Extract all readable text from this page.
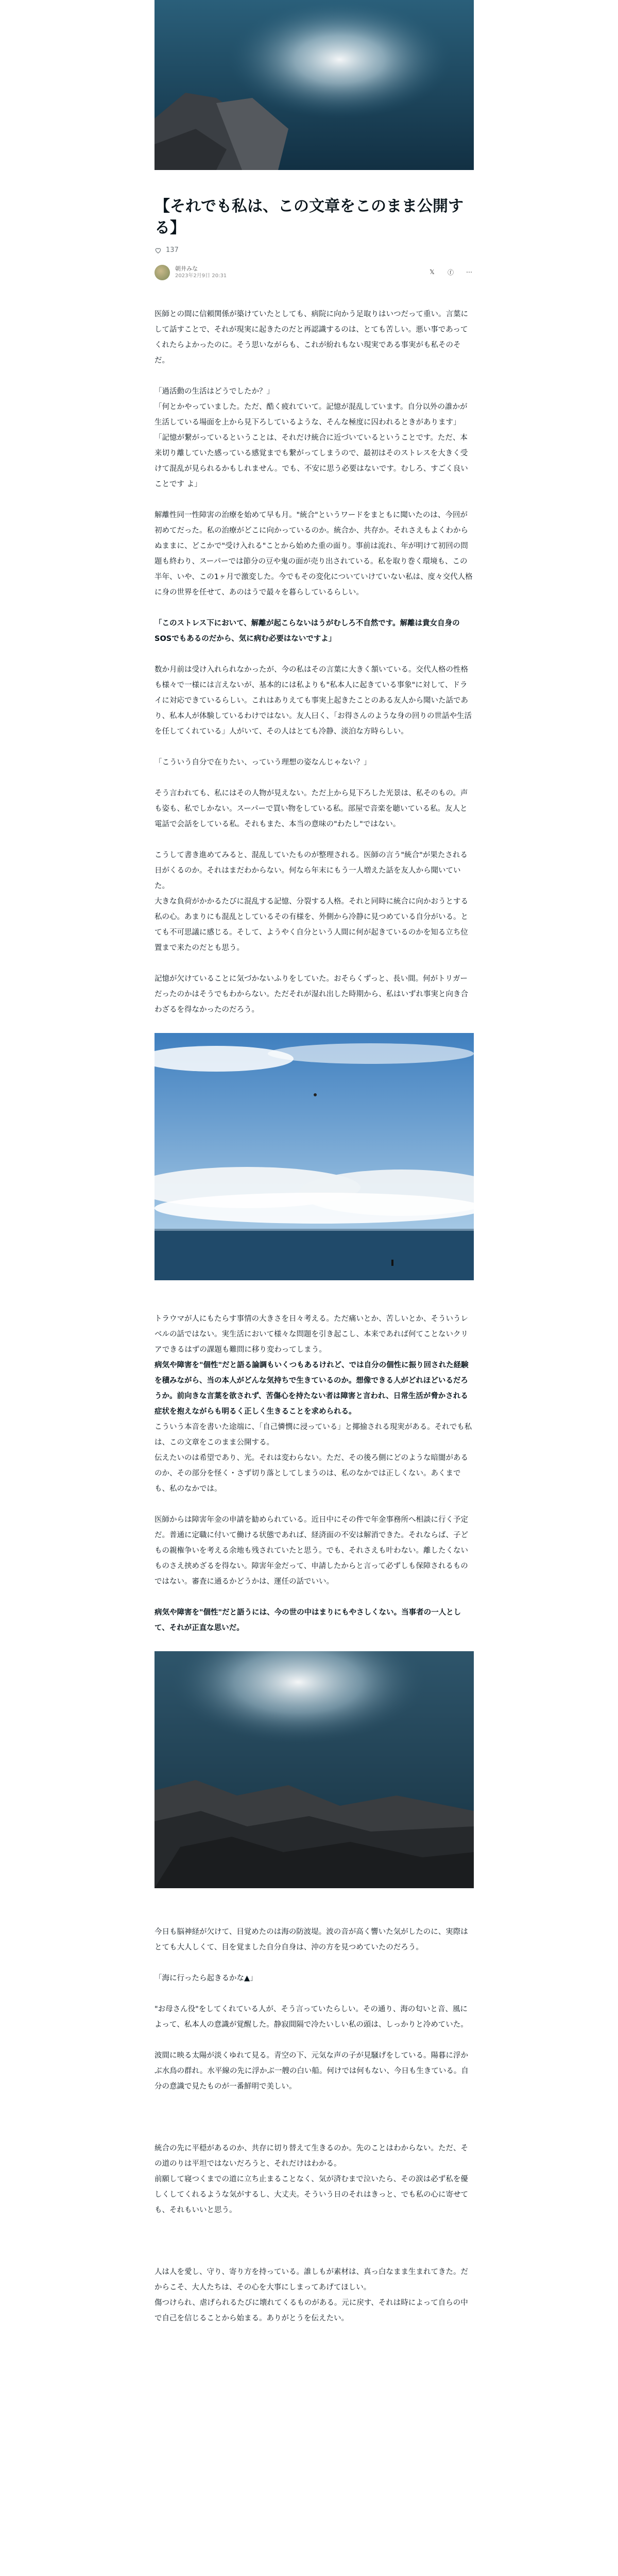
【それでも私は、この文章をこのまま公開する】
137
朝井みな
2023年2月9日 20:31
𝕏	ⓕ ⋯

医師との間に信頼関係が築けていたとしても、病院に向かう足取りはいつだって重い。言葉にして話すことで、それが現実に起きたのだと再認識するのは、とても苦しい。悪い事であってくれたらよかったのに。そう思いながらも、これが紛れもない現実である事実がも私そのそだ。

「過活動の生活はどうでしたか？」

「何とかやっていました。ただ、酷く疲れていて。記憶が混乱しています。自分以外の誰かが生活している場面を上から見下ろしているような、そんな極度に囚われるときがあります」

「記憶が繋がっているということは、それだけ統合に近づいているということです。ただ、本来切り離していた感っている感覚までも繋がってしまうので、最初はそのストレスを大きく受けて混乱が見られるかもしれません。でも、不安に思う必要はないです。むしろ、すごく良いことです よ」

解離性同一性障害の治療を始めて早も月。"統合"というワードをまともに聞いたのは、今回が初めてだった。私の治療がどこに向かっているのか。統合か、共存か。それさえもよくわからぬままに、どこかで"受け入れる"ことから始めた重の面り。事前は流れ、年が明けて初回の問題も終わり、スーパーでは節分の豆や鬼の面が売り出されている。私を取り巻く環境も、この半年、いや、この1ヶ月で激変した。今でもその変化についていけていない私は、度々交代人格に身の世界を任せて、あのはうで最々を暮らしているらしい。

「このストレス下において、解離が起こらないはうがむしろ不自然です。解離は貴女自身のSOSでもあるのだから、気に病む必要はないですよ」

数か月前は受け入れられなかったが、今の私はその言葉に大きく頷いている。交代人格の性格も様々で一様には言えないが、基本的には私よりも"私本人に起きている事象"に対して、ドライに対応できているらしい。これはありえても事実上起きたことのある友人から聞いた話であり、私本人が体験しているわけではない。友人曰く、「お得さんのような身の回りの世話や生活を任してくれている」人がいて、その人はとても冷静、淡泊な方時らしい。

「こういう自分で在りたい、っていう理想の姿なんじゃない？」

そう言われても、私にはその人物が見えない。ただ上から見下ろした光景は、私そのもの。声も姿も、私でしかない。スーパーで買い物をしている私。部屋で音楽を聴いている私。友人と電話で会話をしている私。それもまた、本当の意味の"わたし"ではない。

こうして書き進めてみると、混乱していたものが整理される。医師の言う"統合"が果たされる日がくるのか。それはまだわからない。何なら年末にもう一人増えた話を友人から聞いていた。

大きな負荷がかかるたびに混乱する記憶、分裂する人格。それと同時に統合に向かおうとする私の心。あまりにも混乱としているその有様を、外側から冷静に見つめている自分がいる。とても不可思議に感じる。そして、ようやく自分という人間に何が起きているのかを知る立ち位置まで来たのだとも思う。

記憶が欠けていることに気づかないふりをしていた。おそらくずっと、長い間。何がトリガーだったのかはそうでもわからない。ただそれが湿れ出した時期から、私はいずれ事実と向き合わざるを得なかったのだろう。

トラウマが人にもたらす事情の大きさを日々考える。ただ痛いとか、苦しいとか、そういうレベルの話ではない。実生活において様々な問題を引き起こし、本来であれば何てことないクリアできるはずの課題も難問に移り変わってしまう。

病気や障害を"個性"だと語る論調もいくつもあるけれど、では自分の個性に振り回された経験を積みながら、当の本人がどんな気持ちで生きているのか。想像できる人がどれほどいるだろうか。前向きな言葉を欲されず、苦傷心を持たない者は障害と言われ、日常生活が脅かされる症状を抱えながらも明るく正しく生きることを求められる。

こういう本音を書いた途端に、「自己憐憫に浸っている」と揶揄される現実がある。それでも私は、この文章をこのまま公開する。

伝えたいのは希望であり、光。それは変わらない。ただ、その後ろ側にどのような暗闇があるのか、その部分を怪く・さず切り落としてしまうのは、私のなかでは正しくない。あくまでも、私のなかでは。

医師からは障害年金の申請を勧められている。近日中にその件で年金事務所へ相談に行く予定だ。普通に定職に付いて働ける状態であれば、経済面の不安は解消できた。それならば、子どもの親権争いを考える余地も残されていたと思う。でも、それさえも叶わない。離したくないものさえ挟めざるを得ない。障害年金だって、申請したからと言って必ずしも保障されるものではない。審査に通るかどうかは、運任の話でいい。

病気や障害を"個性"だと語うには、今の世の中はまりにもやさしくない。当事者の一人として、それが正直な思いだ。

今日も脳神経が欠けて、目覚めたのは海の防波堤。波の音が高く響いた気がしたのに、実際はとても大人しくて、目を覚ました自分自身は、沖の方を見つめていたのだろう。

「海に行ったら起きるかな▲」

"お母さん役"をしてくれている人が、そう言っていたらしい。その通り、海の匂いと音、風によって、私本人の意識が覚醒した。静寂間隔で冷たいしい私の頭は、しっかりと冷めていた。

波間に映る太陽が淡くゆれて見る。青空の下、元気な声の子が見騒げをしている。陽暮に浮かぶ水鳥の群れ。水平線の先に浮かぶ一艘の白い船。何けでは何もない、今日も生きている。自分の意識で見たものが一番鮮明で美しい。

統合の先に平穏があるのか、共存に切り替えて生きるのか。先のことはわからない。ただ、その道のりは平坦ではないだろうと、それだけはわかる。

前願して寝つくまでの道に立ち止まることなく、気が済むまで泣いたら、その涙は必ず私を優しくしてくれるような気がするし、大丈夫。そういう日のそれはきっと、でも私の心に寄せても、それもいいと思う。

人は人を愛し、守り、寄り方を持っている。誰しもが素材は、真っ白なまま生まれてきた。だからこそ、大人たちは、その心を大事にしまってあげてほしい。

傷つけられ、虐げられるたびに壊れてくるものがある。元に戻す、それは時によって自らの中で自己を信じることから始まる。ありがとうを伝えたい。
